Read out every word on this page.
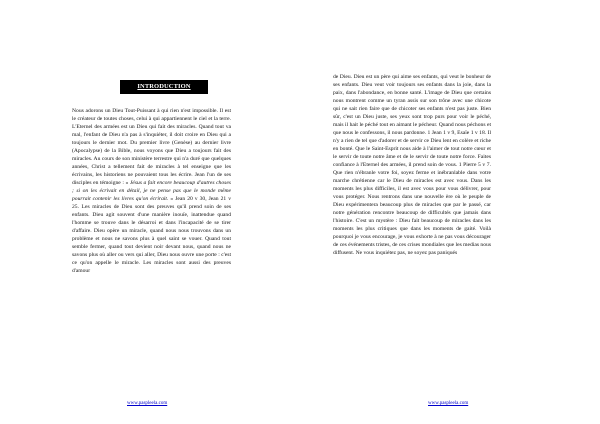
INTRODUCTION
Nous adorons un Dieu Tout-Puissant à qui rien n'est impossible. Il est le créateur de toutes choses, celui à qui appartiennent le ciel et la terre. L'Eternel des armées est un Dieu qui fait des miracles. Quand tout va mal, l'enfant de Dieu n'a pas à s'inquiéter, il doit croire en Dieu qui a toujours le dernier mot. Du premier livre (Genèse) au dernier livre (Apocalypse) de la Bible, nous voyons que Dieu a toujours fait des miracles. Au cours de son ministère terrestre qui n'a duré que quelques années, Christ a tellement fait de miracles à tel enseigne que les écrivains, les historiens ne pouvaient tous les écrire. Jean l'un de ses disciples en témoigne : « Jésus a fait encore beaucoup d'autres choses ; si on les écrivait en détail, je ne pense pas que le monde même pourrait contenir les livres qu'on écrirait. » Jean 20 v 30, Jean 21 v 25. Les miracles de Dieu sont des preuves qu'il prend soin de ses enfants. Dieu agit souvent d'une manière inouïe, inattendue quand l'homme se trouve dans le désarroi et dans l'incapacité de se tirer d'affaire. Dieu opère un miracle, quand nous nous trouvons dans un problème et nous ne savons plus à quel saint se vouer. Quand tout semble fermer, quand tout devient noir devant nous, quand nous ne savons plus où aller ou vers qui aller, Dieu nous ouvre une porte : c'est ce qu'on appelle le miracle. Les miracles sont aussi des preuves d'amour
www.paspleela.com
de Dieu. Dieu est un père qui aime ses enfants, qui veut le bonheur de ses enfants. Dieu veut voir toujours ses enfants dans la joie, dans la paix, dans l'abondance, en bonne santé. L'image de Dieu que certains nous montrent comme un tyran assis sur son trône avec une chicote qui ne sait rien faire que de chicoter ses enfants n'est pas juste. Bien sûr, c'est un Dieu juste, ses yeux sont trop purs pour voir le péché, mais il hait le péché tout en aimant le pécheur. Quand nous péchons et que nous le confessons, il nous pardonne. 1 Jean 1 v 9, Esaïe 1 v 18. Il n'y a rien de tel que d'adorer et de servir ce Dieu lent en colère et riche en bonté. Que le Saint-Esprit nous aide à l'aimer de tout notre cœur et le servir de toute notre âme et de le servir de toute notre force. Faites confiance à l'Eternel des armées, il prend soin de vous. 1 Pierre 5 v 7. Que rien n'ébranle votre foi, soyez ferme et inébranlable dans votre marche chrétienne car le Dieu de miracles est avec vous. Dans les moments les plus difficiles, il est avec vous pour vous délivrer, pour vous protéger. Nous rentrons dans une nouvelle ère où le peuple de Dieu expérimentera beaucoup plus de miracles que par le passé, car notre génération rencontre beaucoup de difficultés que jamais dans l'histoire. C'est un mystère : Dieu fait beaucoup de miracles dans les moments les plus critiques que dans les moments de gaité. Voilà pourquoi je vous encourage, je vous exhorte à ne pas vous décourager de ces événements tristes, de ces crises mondiales que les medias nous diffusent. Ne vous inquiétez pas, ne soyez pas paniqués
www.paspleela.com
